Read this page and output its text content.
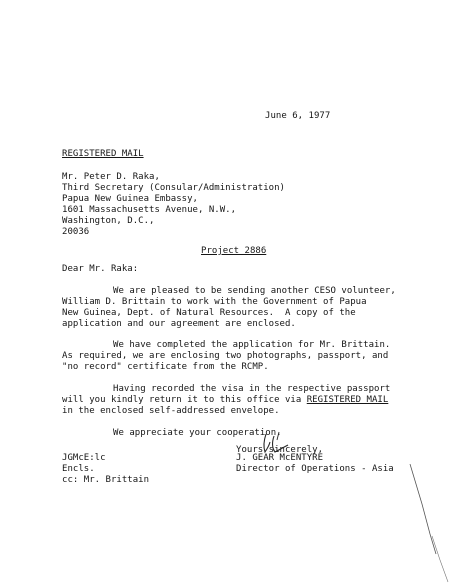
June 6, 1977
REGISTERED MAIL
Mr. Peter D. Raka,
Third Secretary (Consular/Administration)
Papua New Guinea Embassy,
1601 Massachusetts Avenue, N.W.,
Washington, D.C.,
20036
Project 2886
Dear Mr. Raka:
We are pleased to be sending another CESO volunteer,
William D. Brittain to work with the Government of Papua
New Guinea, Dept. of Natural Resources.  A copy of the
application and our agreement are enclosed.
We have completed the application for Mr. Brittain.
As required, we are enclosing two photographs, passport, and
"no record" certificate from the RCMP.
Having recorded the visa in the respective passport
will you kindly return it to this office via REGISTERED MAIL
in the enclosed self-addressed envelope.
We appreciate your cooperation.
Yours sincerely,
J. GEAR McENTYRE
Director of Operations - Asia
JGMcE:lc
Encls.
cc: Mr. Brittain
